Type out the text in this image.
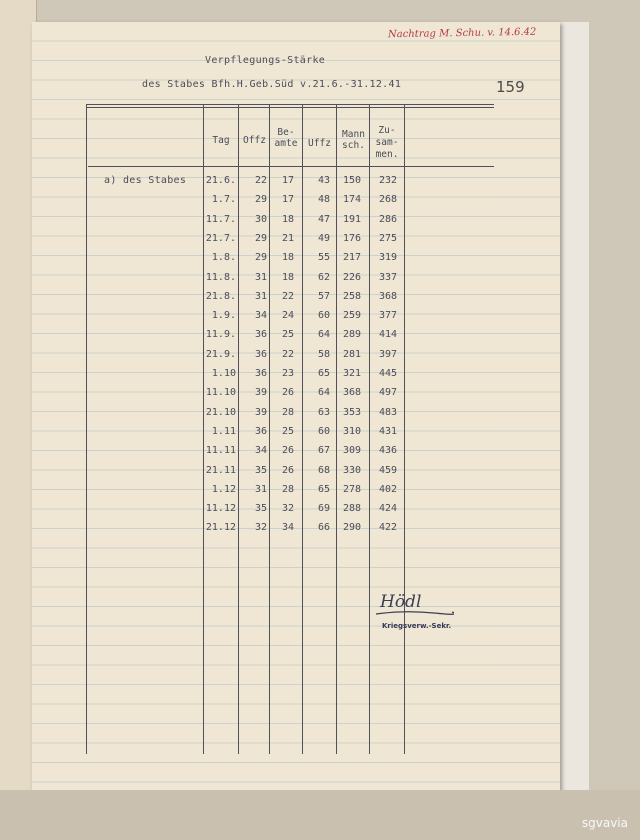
Nachtrag M. Schu. v. 14.6.42
159
Verpflegungs-Stärke
des Stabes Bfh.H.Geb.Süd v.21.6.-31.12.41
Tag	Offz
Be-
amte	Uffz
Mann
sch.
Zu-
sam-
men.
a) des Stabes 21.6. 22 17 43 150 232
1.7. 29 17 48 174 268
11.7. 30 18 47 191 286
21.7. 29 21 49 176 275
1.8. 29 18 55 217 319
11.8. 31 18 62 226 337
21.8. 31 22 57 258 368
1.9. 34 24 60 259 377
11.9. 36 25 64 289 414
21.9. 36 22 58 281 397
1.10 36 23 65 321 445
11.10 39 26 64 368 497
21.10 39 28 63 353 483
1.11 36 25 60 310 431
11.11 34 26 67 309 436
21.11 35 26 68 330 459
1.12 31 28 65 278 402
11.12 35 32 69 288 424
21.12 32 34 66 290 422
Hödl
Kriegsverw.-Sekr.
sgvavia
